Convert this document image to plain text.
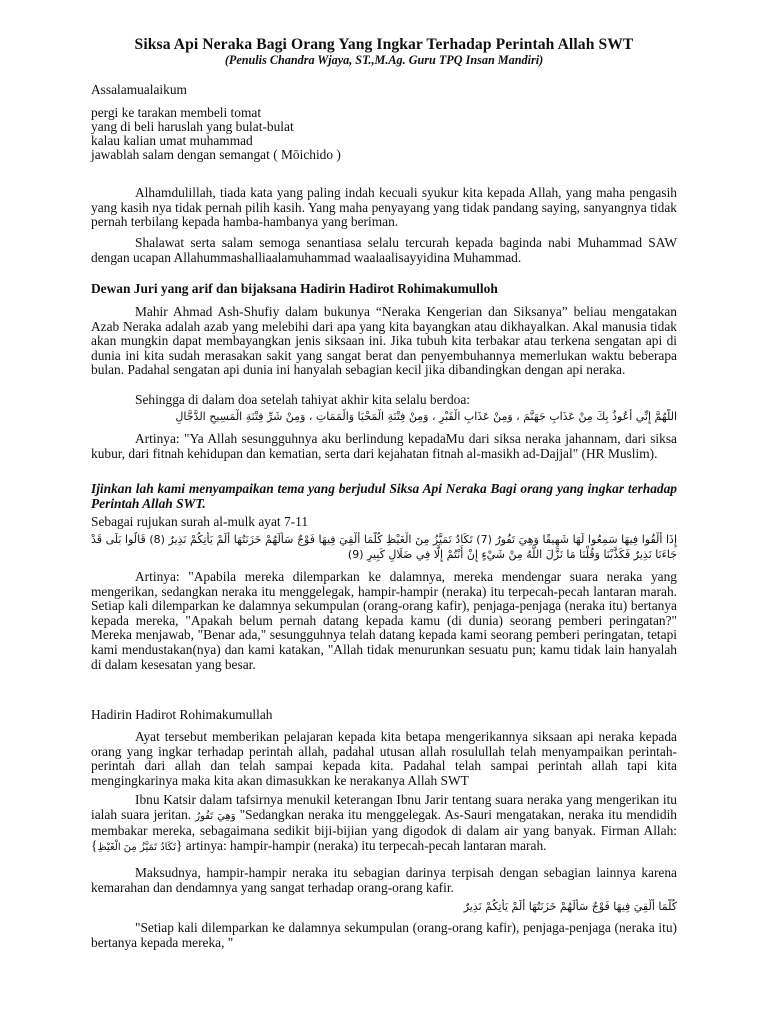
Siksa Api Neraka Bagi Orang Yang Ingkar Terhadap Perintah Allah SWT
(Penulis Chandra Wjaya, ST.,M.Ag. Guru TPQ Insan Mandiri)
Assalamualaikum
pergi ke tarakan membeli tomat
yang di beli haruslah yang bulat-bulat
kalau kalian umat muhammad
jawablah salam dengan semangat ( Mōichido )

Alhamdulillah, tiada kata yang paling indah kecuali syukur kita kepada Allah, yang maha pengasih yang kasih nya tidak pernah pilih kasih. Yang maha penyayang yang tidak pandang saying, sanyangnya tidak pernah terbilang kepada hamba-hambanya yang beriman.

Shalawat serta salam semoga senantiasa selalu tercurah kepada baginda nabi Muhammad SAW dengan ucapan Allahummashalliaalamuhammad waalaalisayyidina Muhammad.

Dewan Juri yang arif dan bijaksana Hadirin Hadirot Rohimakumulloh

Mahir Ahmad Ash-Shufiy dalam bukunya “Neraka Kengerian dan Siksanya” beliau mengatakan Azab Neraka adalah azab yang melebihi dari apa yang kita bayangkan atau dikhayalkan. Akal manusia tidak akan mungkin dapat membayangkan jenis siksaan ini. Jika tubuh kita terbakar atau terkena sengatan api di dunia ini kita sudah merasakan sakit yang sangat berat dan penyembuhannya memerlukan waktu beberapa bulan. Padahal sengatan api dunia ini hanyalah sebagian kecil jika dibandingkan dengan api neraka.

Sehingga di dalam doa setelah tahiyat akhir kita selalu berdoa:
اللَّهُمَّ إِنِّي أَعُوذُ بِكَ مِنْ عَذَابِ جَهَنَّمَ ، وَمِنْ عَذَابِ الْقَبْرِ ، وَمِنْ فِتْنَةِ الْمَحْيَا وَالْمَمَاتِ ، وَمِنْ شَرِّ فِتْنَةِ الْمَسِيحِ الدَّجَّالِ

Artinya: "Ya Allah sesungguhnya aku berlindung kepadaMu dari siksa neraka jahannam, dari siksa kubur, dari fitnah kehidupan dan kematian, serta dari kejahatan fitnah al-masikh ad-Dajjal" (HR Muslim).

Ijinkan lah kami menyampaikan tema yang berjudul Siksa Api Neraka Bagi orang yang ingkar terhadap Perintah Allah SWT.

Sebagai rujukan surah al-mulk ayat 7-11
إِذَا أُلْقُوا فِيهَا سَمِعُوا لَهَا شَهِيقًا وَهِيَ تَفُورُ (7) تَكَادُ تَمَيَّزُ مِنَ الْغَيْظِ كُلَّمَا أُلْقِيَ فِيهَا فَوْجٌ سَأَلَهُمْ خَزَنَتُهَا أَلَمْ يَأْتِكُمْ نَذِيرٌ (8) قَالُوا بَلَى قَدْ جَاءَنَا نَذِيرٌ فَكَذَّبْنَا وَقُلْنَا مَا نَزَّلَ اللَّهُ مِنْ شَيْءٍ إِنْ أَنْتُمْ إِلَّا فِي ضَلَالٍ كَبِيرٍ (9)

Artinya: "Apabila mereka dilemparkan ke dalamnya, mereka mendengar suara neraka yang mengerikan, sedangkan neraka itu menggelegak, hampir-hampir (neraka) itu terpecah-pecah lantaran marah. Setiap kali dilemparkan ke dalamnya sekumpulan (orang-orang kafir), penjaga-penjaga (neraka itu) bertanya kepada mereka, "Apakah belum pernah datang kepada kamu (di dunia) seorang pemberi peringatan?" Mereka menjawab, "Benar ada," sesungguhnya telah datang kepada kami seorang pemberi peringatan, tetapi kami mendustakan(nya) dan kami katakan, "Allah tidak menurunkan sesuatu pun; kamu tidak lain hanyalah di dalam kesesatan yang besar.

Hadirin Hadirot Rohimakumullah

Ayat tersebut memberikan pelajaran kepada kita betapa mengerikannya siksaan api neraka kepada orang yang ingkar terhadap perintah allah, padahal utusan allah rosulullah telah menyampaikan perintah-perintah dari allah dan telah sampai kepada kita. Padahal telah sampai perintah allah tapi kita mengingkarinya maka kita akan dimasukkan ke nerakanya Allah SWT

Ibnu Katsir dalam tafsirnya menukil keterangan Ibnu Jarir tentang suara neraka yang mengerikan itu ialah suara jeritan. وَهِيَ تَفُورُ "Sedangkan neraka itu menggelegak. As-Sauri mengatakan, neraka itu mendidih membakar mereka, sebagaimana sedikit biji-bijian yang digodok di dalam air yang banyak. Firman Allah: {تَكَادُ تَمَيَّزُ مِنَ الْغَيْظِ} artinya: hampir-hampir (neraka) itu terpecah-pecah lantaran marah.

Maksudnya, hampir-hampir neraka itu sebagian darinya terpisah dengan sebagian lainnya karena kemarahan dan dendamnya yang sangat terhadap orang-orang kafir.

كُلَّمَا أُلْقِيَ فِيهَا فَوْجٌ سَأَلَهُمْ خَزَنَتُهَا أَلَمْ يَأْتِكُمْ نَذِيرٌ

"Setiap kali dilemparkan ke dalamnya sekumpulan (orang-orang kafir), penjaga-penjaga (neraka itu) bertanya kepada mereka, "
